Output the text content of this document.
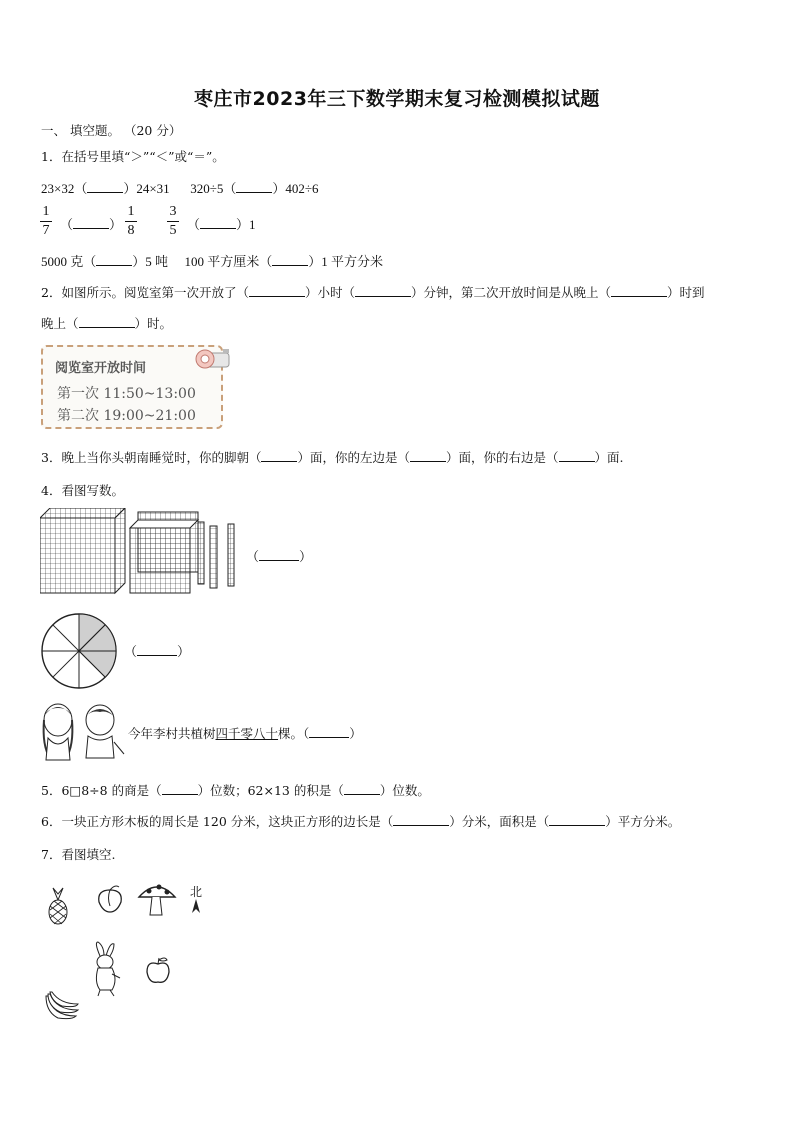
枣庄市2023年三下数学期末复习检测模拟试题
一、 填空题。 （20 分）
1．在括号里填“＞”“＜”或“＝”。
23×32（	）24×31 320÷5（	）402÷6
1
7 （	）
1
8
3
5 （	）1
5000 克（	）5 吨 100 平方厘米（	）1 平方分米
2．如图所示。阅览室第一次开放了（	）小时（	）分钟，第二次开放时间是从晚上（	）时到
晚上（	）时。
阅览室开放时间
第一次 11:50~13:00
第二次 19:00~21:00
3．晚上当你头朝南睡觉时，你的脚朝（	）面，你的左边是（	）面，你的右边是（	）面.
4．看图写数。
（	）
（	）
今年李村共植树四千零八十棵。（	）
5．6□8÷8 的商是（	）位数；62×13 的积是（	）位数。
6．一块正方形木板的周长是 120 分米，这块正方形的边长是（	）分米，面积是（	）平方分米。
7．看图填空.
北
